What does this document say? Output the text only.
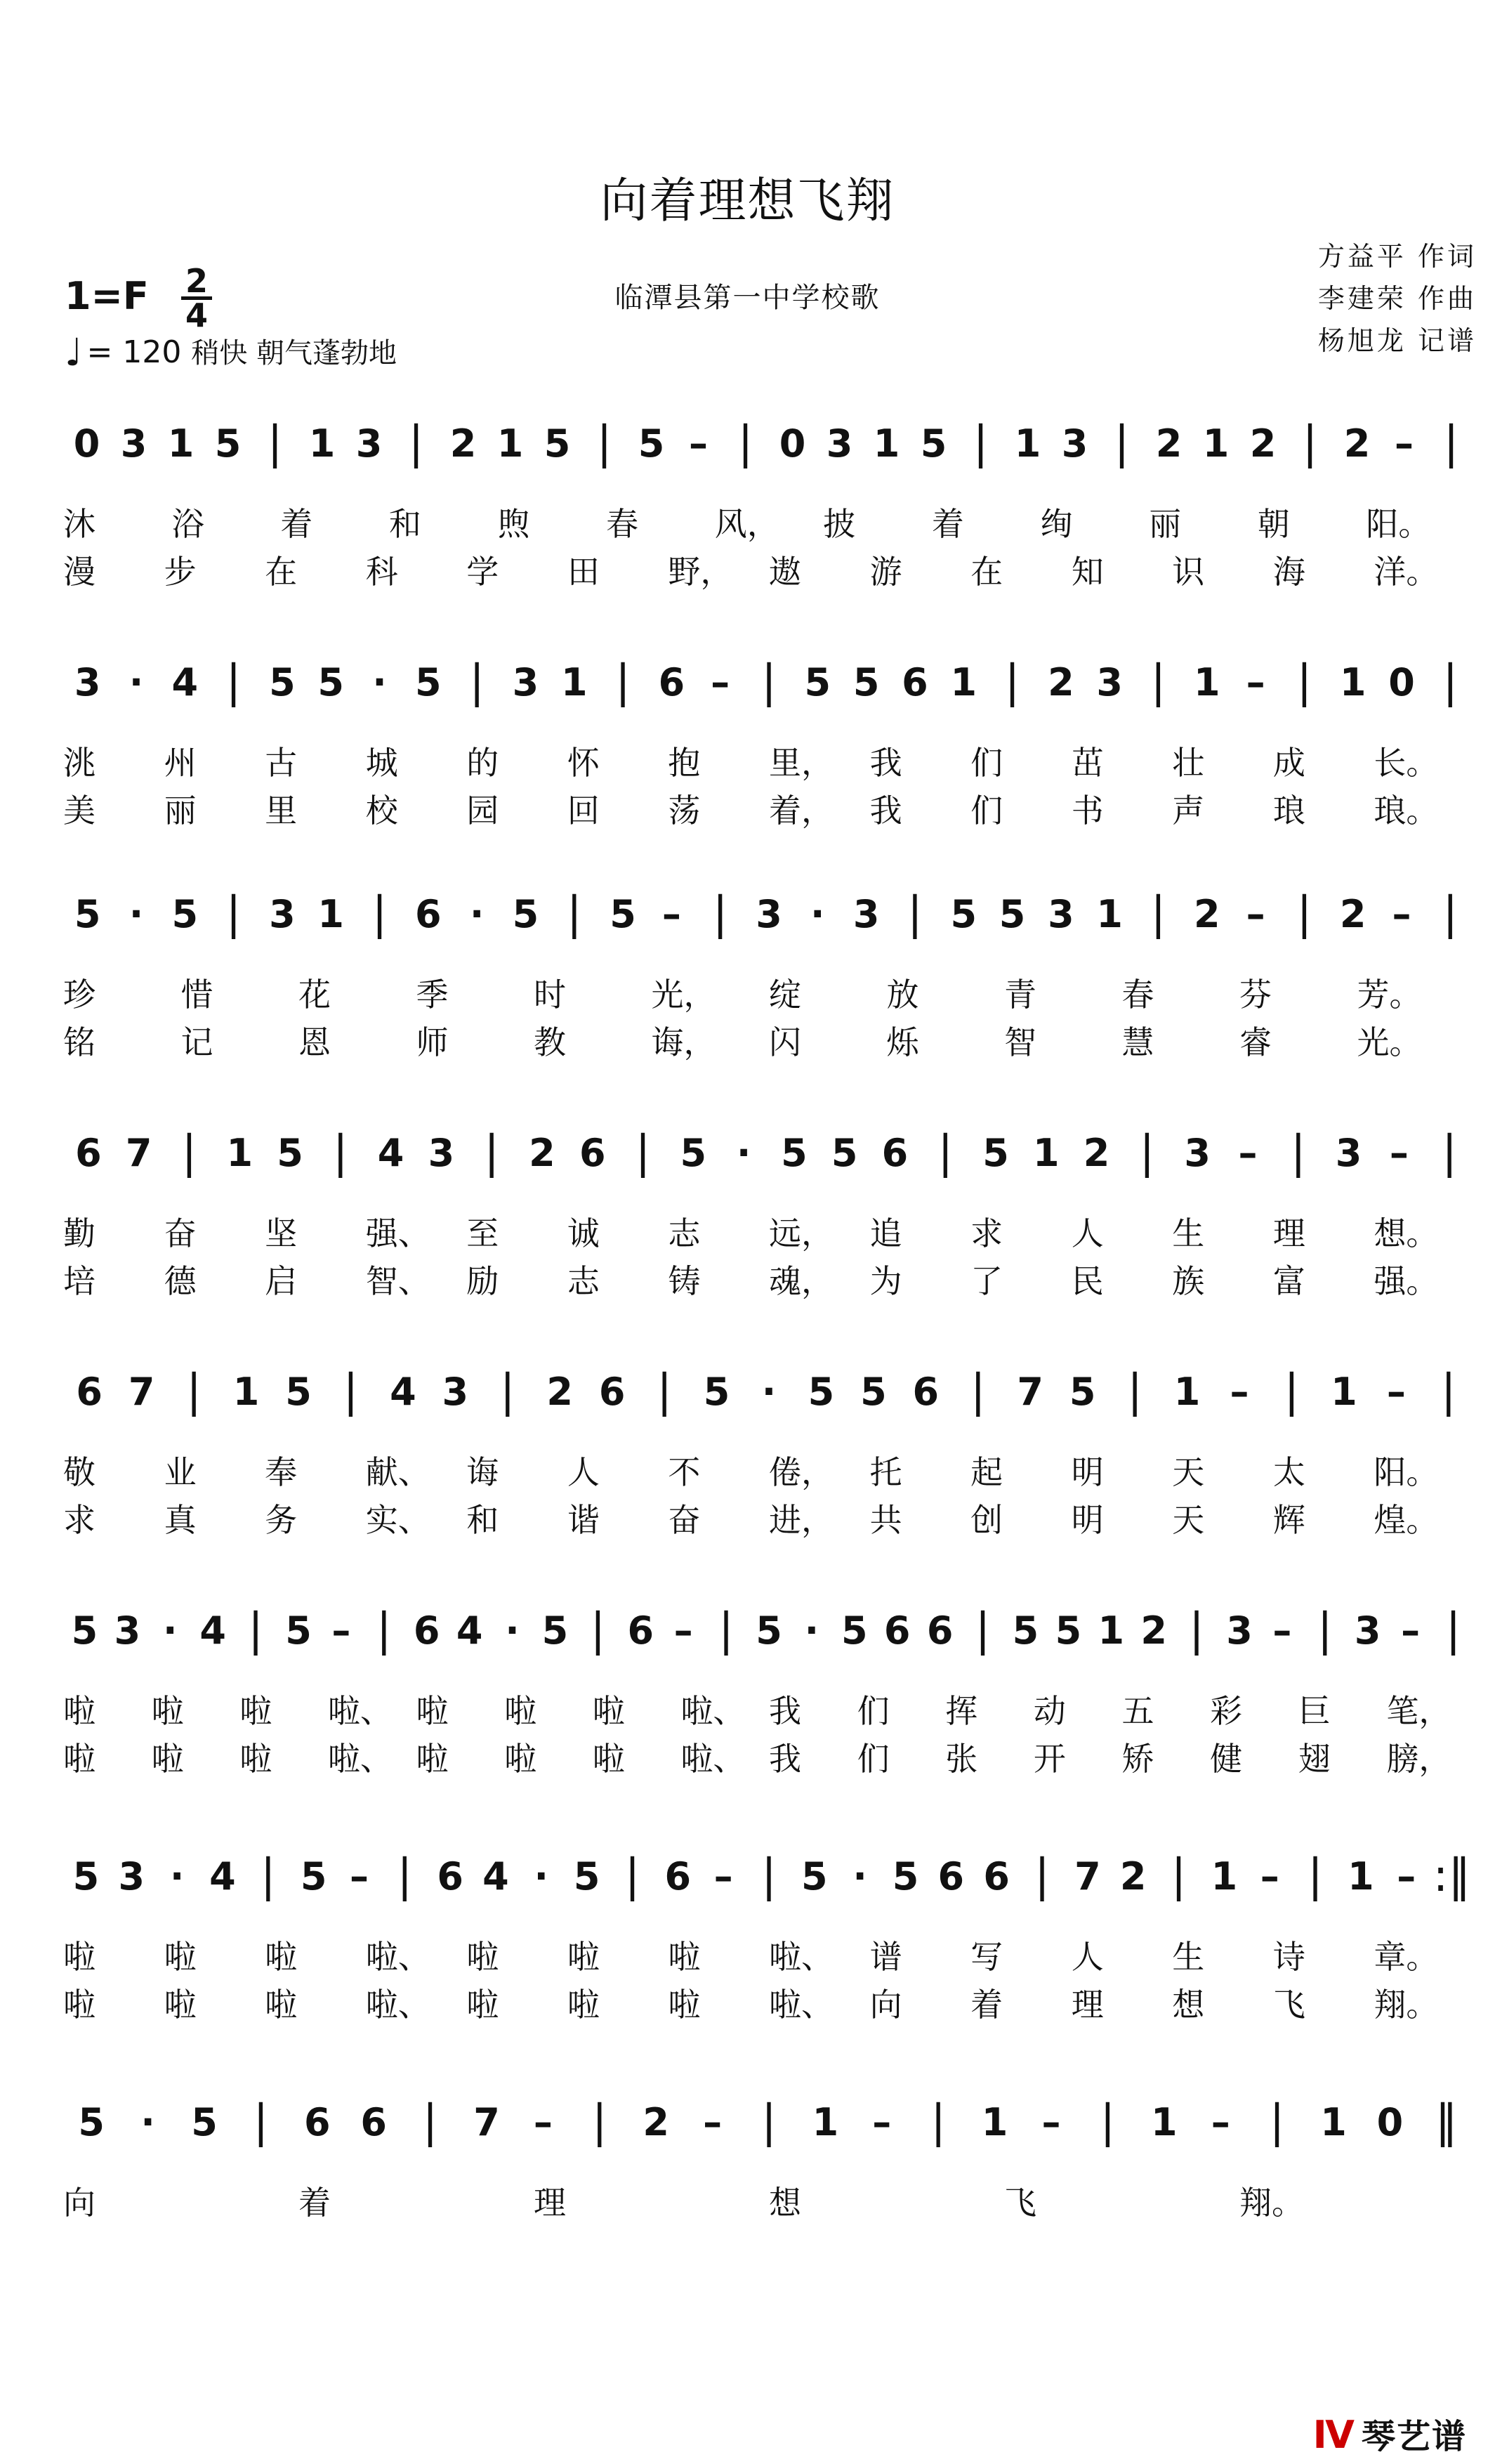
向着理想飞翔
临潭县第一中学校歌
方益平 作词
李建荣 作曲
杨旭龙 记谱
1=F 2
4
♩ = 120 稍快 朝气蓬勃地
0 3 1 5 | 1 3 | 2 1 5 | 5 – | 0 3 1 5 | 1 3 | 2 1 2 | 2 – |
沐 浴 着 和 煦 春 风， 披 着 绚 丽 朝 阳。
漫 步 在 科 学 田 野， 遨 游 在 知 识 海 洋。
3 · 4 | 5 5 · 5 | 3 1 | 6 – | 5 5 6 1 | 2 3 | 1 – | 1 0 |
洮 州 古 城 的 怀 抱 里， 我 们 茁 壮 成 长。
美 丽 里 校 园 回 荡 着， 我 们 书 声 琅 琅。
5 · 5 | 3 1 | 6 · 5 | 5 – | 3 · 3 | 5 5 3 1 | 2 – | 2 – |
珍	惜	花	季	时	光， 绽	放	青	春	芬	芳。
铭	记	恩	师	教	诲， 闪	烁	智	慧	睿	光。
6 7 | 1 5 | 4 3 | 2 6 | 5 · 5 5 6 | 5 1 2 | 3 – | 3 – |
勤 奋 坚 强、 至 诚 志 远， 追 求 人 生 理 想。
培 德 启 智、 励 志 铸 魂， 为 了 民 族 富 强。
6 7 | 1 5 | 4 3 | 2 6 | 5 · 5 5 6 | 7 5 | 1 – | 1 – |
敬 业 奉 献、 诲 人 不 倦， 托 起 明 天 太 阳。
求 真 务 实、 和 谐 奋 进， 共 创 明 天 辉 煌。
5 3 · 4 | 5 – | 6 4 · 5 | 6 – | 5 · 5 6 6 | 5 5 1 2 | 3 – | 3 – |
啦 啦 啦 啦、 啦 啦 啦 啦、 我 们 挥 动 五 彩 巨 笔，
啦 啦 啦 啦、 啦 啦 啦 啦、 我 们 张 开 矫 健 翅 膀，
5 3 · 4 | 5 – | 6 4 · 5 | 6 – | 5 · 5 6 6 | 7 2 | 1 – | 1 – :‖
啦 啦 啦 啦、 啦 啦 啦 啦、 谱 写 人 生 诗 章。
啦 啦 啦 啦、 啦 啦 啦 啦、 向 着 理 想 飞 翔。
5 · 5 | 6 6 | 7 – | 2 – | 1 – | 1 – | 1 – | 1 0 ‖
向	着	理	想	飞	翔。
Ⅳ 琴艺谱
